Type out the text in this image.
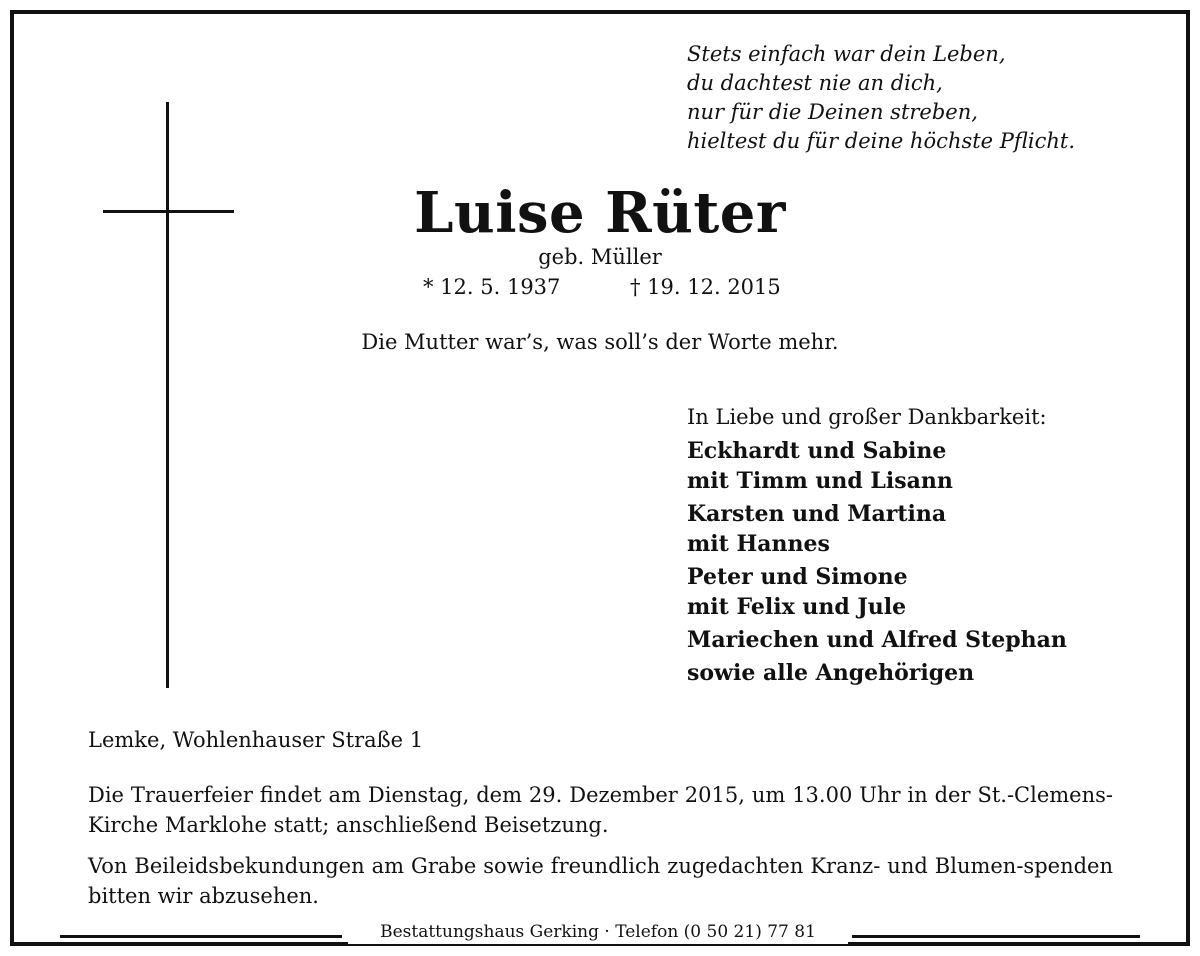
Stets einfach war dein Leben,
du dachtest nie an dich,
nur für die Deinen streben,
hieltest du für deine höchste Pflicht.
Luise Rüter
geb. Müller
* 12. 5. 1937	† 19. 12. 2015
Die Mutter war’s, was soll’s der Worte mehr.
In Liebe und großer Dankbarkeit:
Eckhardt und Sabine
mit Timm und Lisann
Karsten und Martina
mit Hannes
Peter und Simone
mit Felix und Jule
Mariechen und Alfred Stephan
sowie alle Angehörigen
Lemke, Wohlenhauser Straße 1
Die Trauerfeier findet am Dienstag, dem 29. Dezember 2015, um 13.00 Uhr in der St.-Clemens-Kirche Marklohe statt; anschließend Beisetzung.
Von Beileidsbekundungen am Grabe sowie freundlich zugedachten Kranz- und Blumen-spenden bitten wir abzusehen.
Bestattungshaus Gerking · Telefon (0 50 21) 77 81
